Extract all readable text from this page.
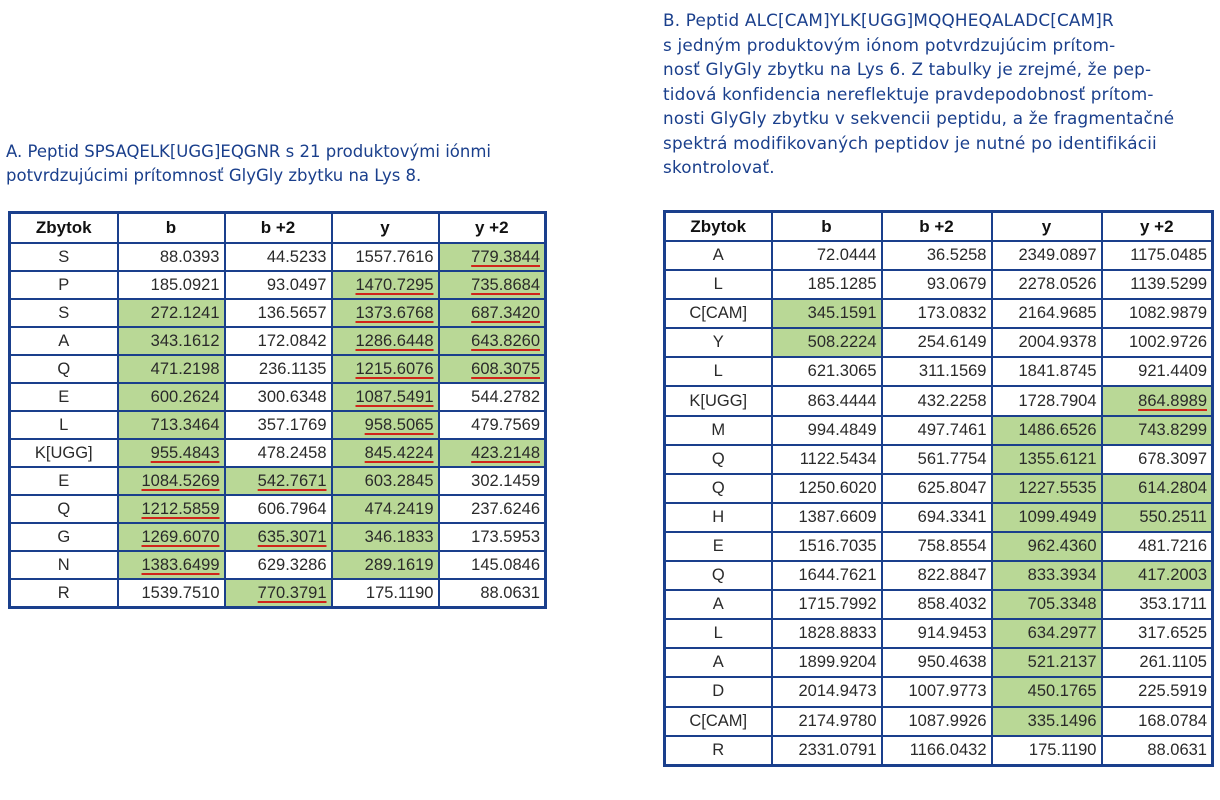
A. Peptid SPSAQELK[UGG]EQGNR s 21 produktovými iónmi potvrdzujúcimi prítomnosť GlyGly zbytku na Lys 8.

B. Peptid ALC[CAM]YLK[UGG]MQQHEQALADC[CAM]R
s jedným produktovým iónom potvrdzujúcim prítom-
nosť GlyGly zbytku na Lys 6. Z tabulky je zrejmé, že pep-
tidová konfidencia nereflektuje pravdepodobnosť prítom-
nosti GlyGly zbytku v sekvencii peptidu, a že fragmentačné
spektrá modifikovaných peptidov je nutné po identifikácii
skontrolovať.
Zbytok	b	b +2	y	y +2
S	88.0393	44.5233	1557.7616	779.3844
P	185.0921	93.0497	1470.7295	735.8684
S	272.1241	136.5657	1373.6768	687.3420
A	343.1612	172.0842	1286.6448	643.8260
Q	471.2198	236.1135	1215.6076	608.3075
E	600.2624	300.6348	1087.5491	544.2782
L	713.3464	357.1769	958.5065	479.7569
K[UGG]	955.4843	478.2458	845.4224	423.2148
E	1084.5269	542.7671	603.2845	302.1459
Q	1212.5859	606.7964	474.2419	237.6246
G	1269.6070	635.3071	346.1833	173.5953
N	1383.6499	629.3286	289.1619	145.0846
R	1539.7510	770.3791	175.1190	88.0631
Zbytok	b	b +2	y	y +2
A	72.0444	36.5258	2349.0897	1175.0485
L	185.1285	93.0679	2278.0526	1139.5299
C[CAM]	345.1591	173.0832	2164.9685	1082.9879
Y	508.2224	254.6149	2004.9378	1002.9726
L	621.3065	311.1569	1841.8745	921.4409
K[UGG]	863.4444	432.2258	1728.7904	864.8989
M	994.4849	497.7461	1486.6526	743.8299
Q	1122.5434	561.7754	1355.6121	678.3097
Q	1250.6020	625.8047	1227.5535	614.2804
H	1387.6609	694.3341	1099.4949	550.2511
E	1516.7035	758.8554	962.4360	481.7216
Q	1644.7621	822.8847	833.3934	417.2003
A	1715.7992	858.4032	705.3348	353.1711
L	1828.8833	914.9453	634.2977	317.6525
A	1899.9204	950.4638	521.2137	261.1105
D	2014.9473	1007.9773	450.1765	225.5919
C[CAM]	2174.9780	1087.9926	335.1496	168.0784
R	2331.0791	1166.0432	175.1190	88.0631
